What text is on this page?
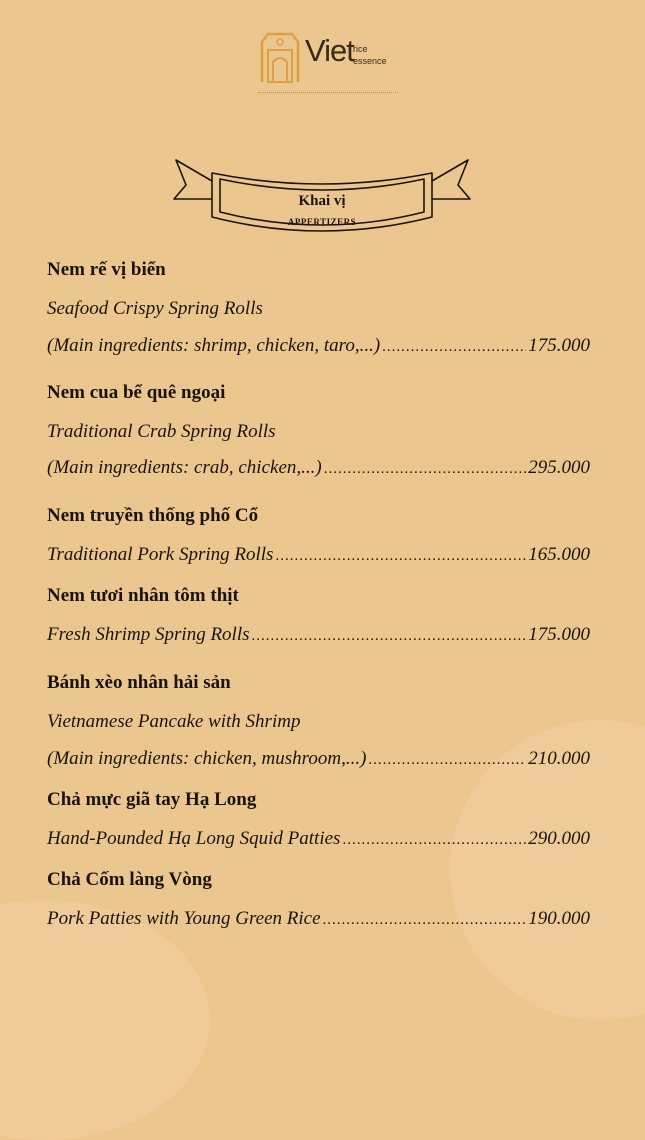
Viet rice
essence
Khai vị
APPERTIZERS
Nem rế vị biển
Seafood Crispy Spring Rolls
(Main ingredients: shrimp, chicken, taro,...) .....	175.000
Nem cua bể quê ngoại
Traditional Crab Spring Rolls
(Main ingredients: crab, chicken,...) .....	295.000
Nem truyền thống phố Cổ
Traditional Pork Spring Rolls .....	165.000
Nem tươi nhân tôm thịt
Fresh Shrimp Spring Rolls .....	175.000
Bánh xèo nhân hải sản
Vietnamese Pancake with Shrimp
(Main ingredients: chicken, mushroom,...) .....	210.000
Chả mực giã tay Hạ Long
Hand-Pounded Hạ Long Squid Patties .....	290.000
Chả Cốm làng Vòng
Pork Patties with Young Green Rice .....	190.000
